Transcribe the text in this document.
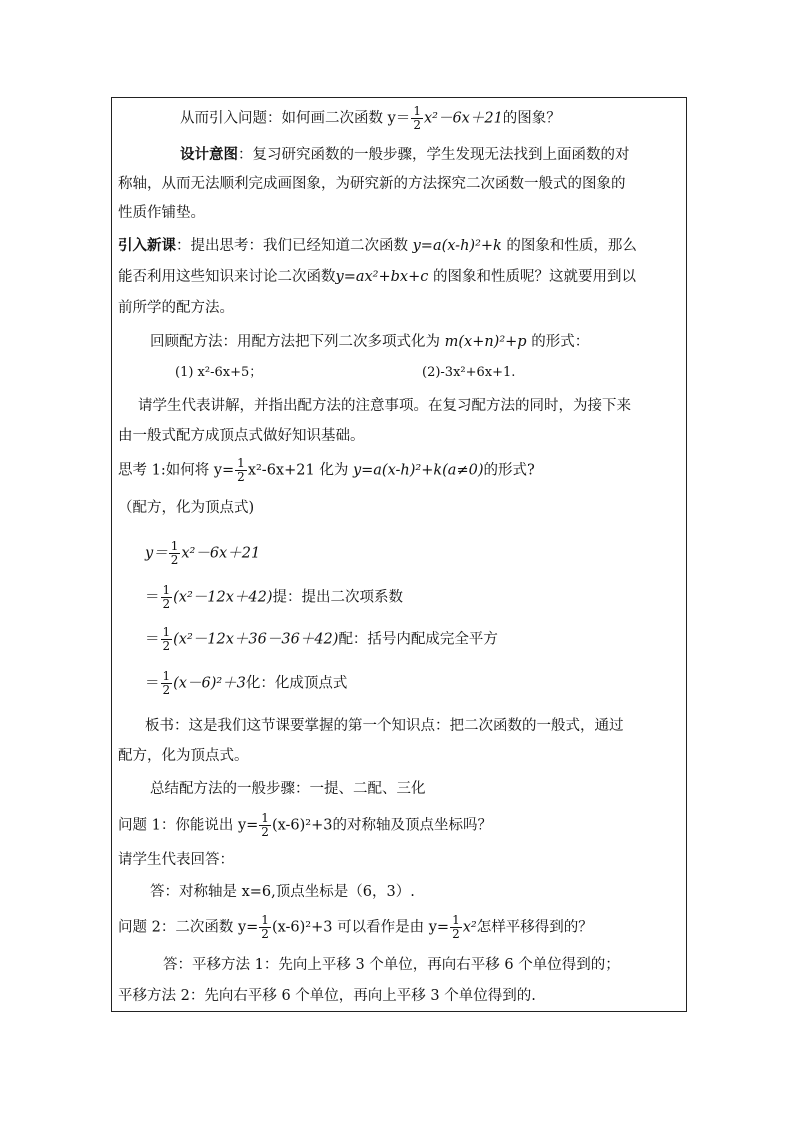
从而引入问题：如何画二次函数 $y= \frac{1}{2} x^2-6x+21$的图象？
设计意图：复习研究函数的一般步骤，学生发现无法找到上面函数的对
称轴，从而无法顺利完成画图象，为研究新的方法探究二次函数一般式的图象的
性质作铺垫。
引入新课：提出思考：我们已经知道二次函数 y=a(x-h)²+k 的图象和性质，那么
能否利用这些知识来讨论二次函数y=ax²+bx+c 的图象和性质呢？这就要用到以
前所学的配方法。
回顾配方法：用配方法把下列二次多项式化为 m(x+n)²+p 的形式：
(1) x²-6x+5；	(2)-3x²+6x+1.
请学生代表讲解，并指出配方法的注意事项。在复习配方法的同时，为接下来
由一般式配方成顶点式做好知识基础。
思考 1:如何将 $y= \frac{1}{2} x^2-6x+21$ 化为 y=a(x-h)²+k(a≠0)的形式?
（配方，化为顶点式)
$y= \frac{1}{2} x^2-6x+21$
＝ $\frac{1}{2} (x^2-12x+42)$提：提出二次项系数
＝ $\frac{1}{2} (x^2-12x+36-36+42)$配：括号内配成完全平方
＝ $\frac{1}{2} (x-6)^2+3$化：化成顶点式
板书：这是我们这节课要掌握的第一个知识点：把二次函数的一般式，通过
配方，化为顶点式。
总结配方法的一般步骤：一提、二配、三化
问题 1：你能说出 $y= \frac{1}{2} (x-6)^2+3$的对称轴及顶点坐标吗？
请学生代表回答：
答：对称轴是 x=6,顶点坐标是（6，3）.
问题 2：二次函数 $y= \frac{1}{2} (x-6)^2+3$ 可以看作是由 $y= \frac{1}{2} x^2$怎样平移得到的？
答：平移方法 1：先向上平移 3 个单位，再向右平移 6 个单位得到的；
平移方法 2：先向右平移 6 个单位，再向上平移 3 个单位得到的.
